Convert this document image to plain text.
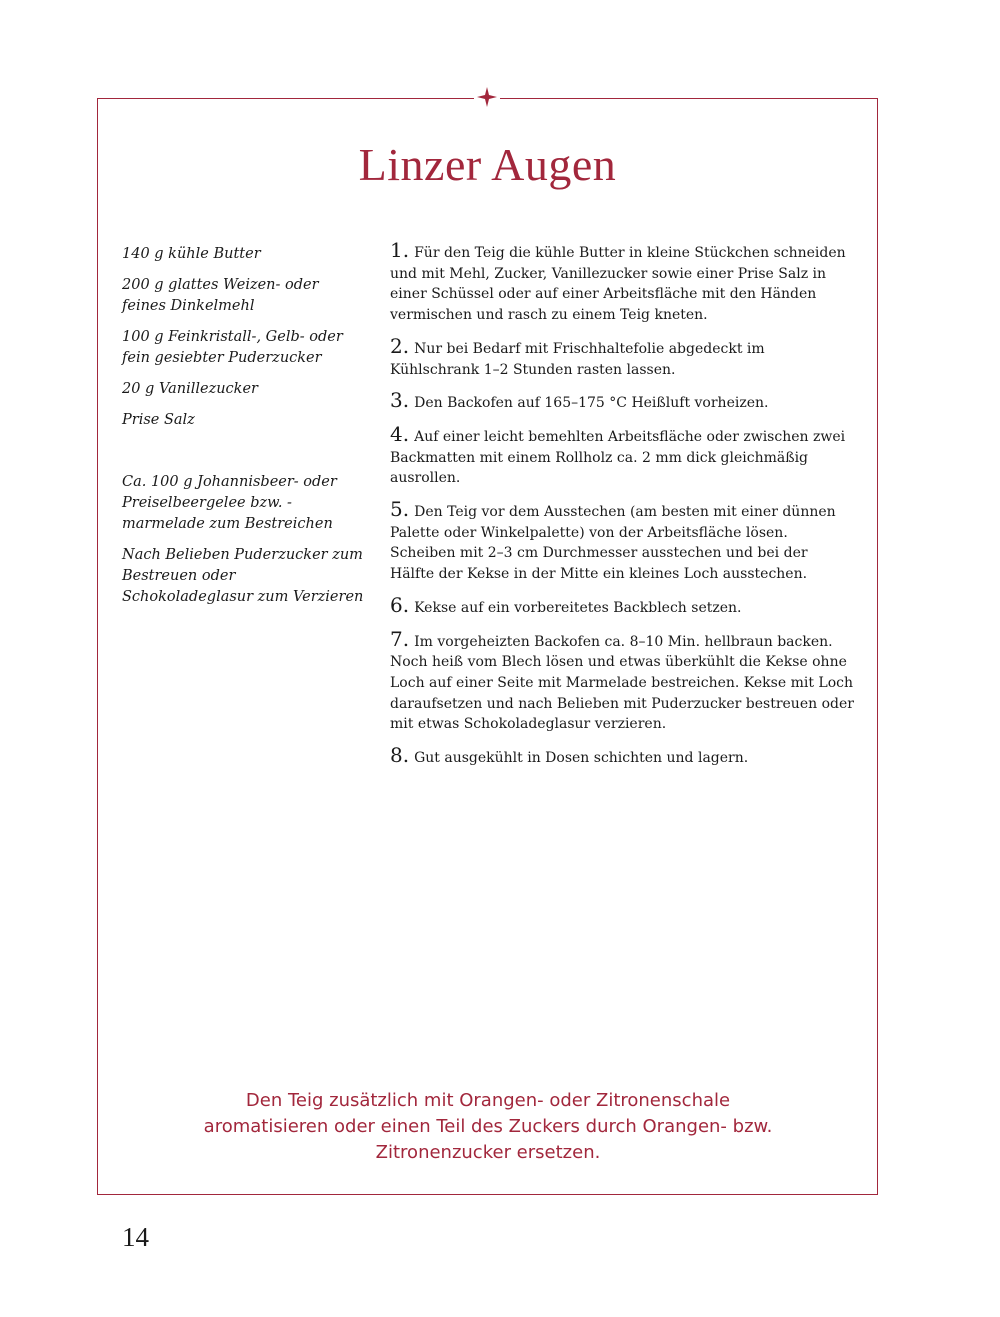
Linzer Augen

140 g kühle Butter

200 g glattes Weizen- oder feines Dinkelmehl

100 g Feinkristall-, Gelb- oder fein gesiebter Puderzucker

20 g Vanillezucker

Prise Salz

Ca. 100 g Johannisbeer- oder Preiselbeergelee bzw. -marmelade zum Bestreichen

Nach Belieben Puderzucker zum Bestreuen oder Schokoladeglasur zum Verzieren

1. Für den Teig die kühle Butter in kleine Stückchen schneiden und mit Mehl, Zucker, Vanillezucker sowie einer Prise Salz in einer Schüssel oder auf einer Arbeitsfläche mit den Händen vermischen und rasch zu einem Teig kneten.

2. Nur bei Bedarf mit Frischhaltefolie abgedeckt im Kühlschrank 1–2 Stunden rasten lassen.

3. Den Backofen auf 165–175 °C Heißluft vorheizen.

4. Auf einer leicht bemehlten Arbeitsfläche oder zwischen zwei Backmatten mit einem Rollholz ca. 2 mm dick gleichmäßig ausrollen.

5. Den Teig vor dem Ausstechen (am besten mit einer dünnen Palette oder Winkelpalette) von der Arbeitsfläche lösen. Scheiben mit 2–3 cm Durchmesser ausstechen und bei der Hälfte der Kekse in der Mitte ein kleines Loch ausstechen.

6. Kekse auf ein vorbereitetes Backblech setzen.

7. Im vorgeheizten Backofen ca. 8–10 Min. hellbraun backen. Noch heiß vom Blech lösen und etwas überkühlt die Kekse ohne Loch auf einer Seite mit Marmelade bestreichen. Kekse mit Loch daraufsetzen und nach Belieben mit Puderzucker bestreuen oder mit etwas Schokoladeglasur verzieren.

8. Gut ausgekühlt in Dosen schichten und lagern.

Den Teig zusätzlich mit Orangen- oder Zitronenschale
aromatisieren oder einen Teil des Zuckers durch Orangen- bzw.
Zitronenzucker ersetzen.
14
